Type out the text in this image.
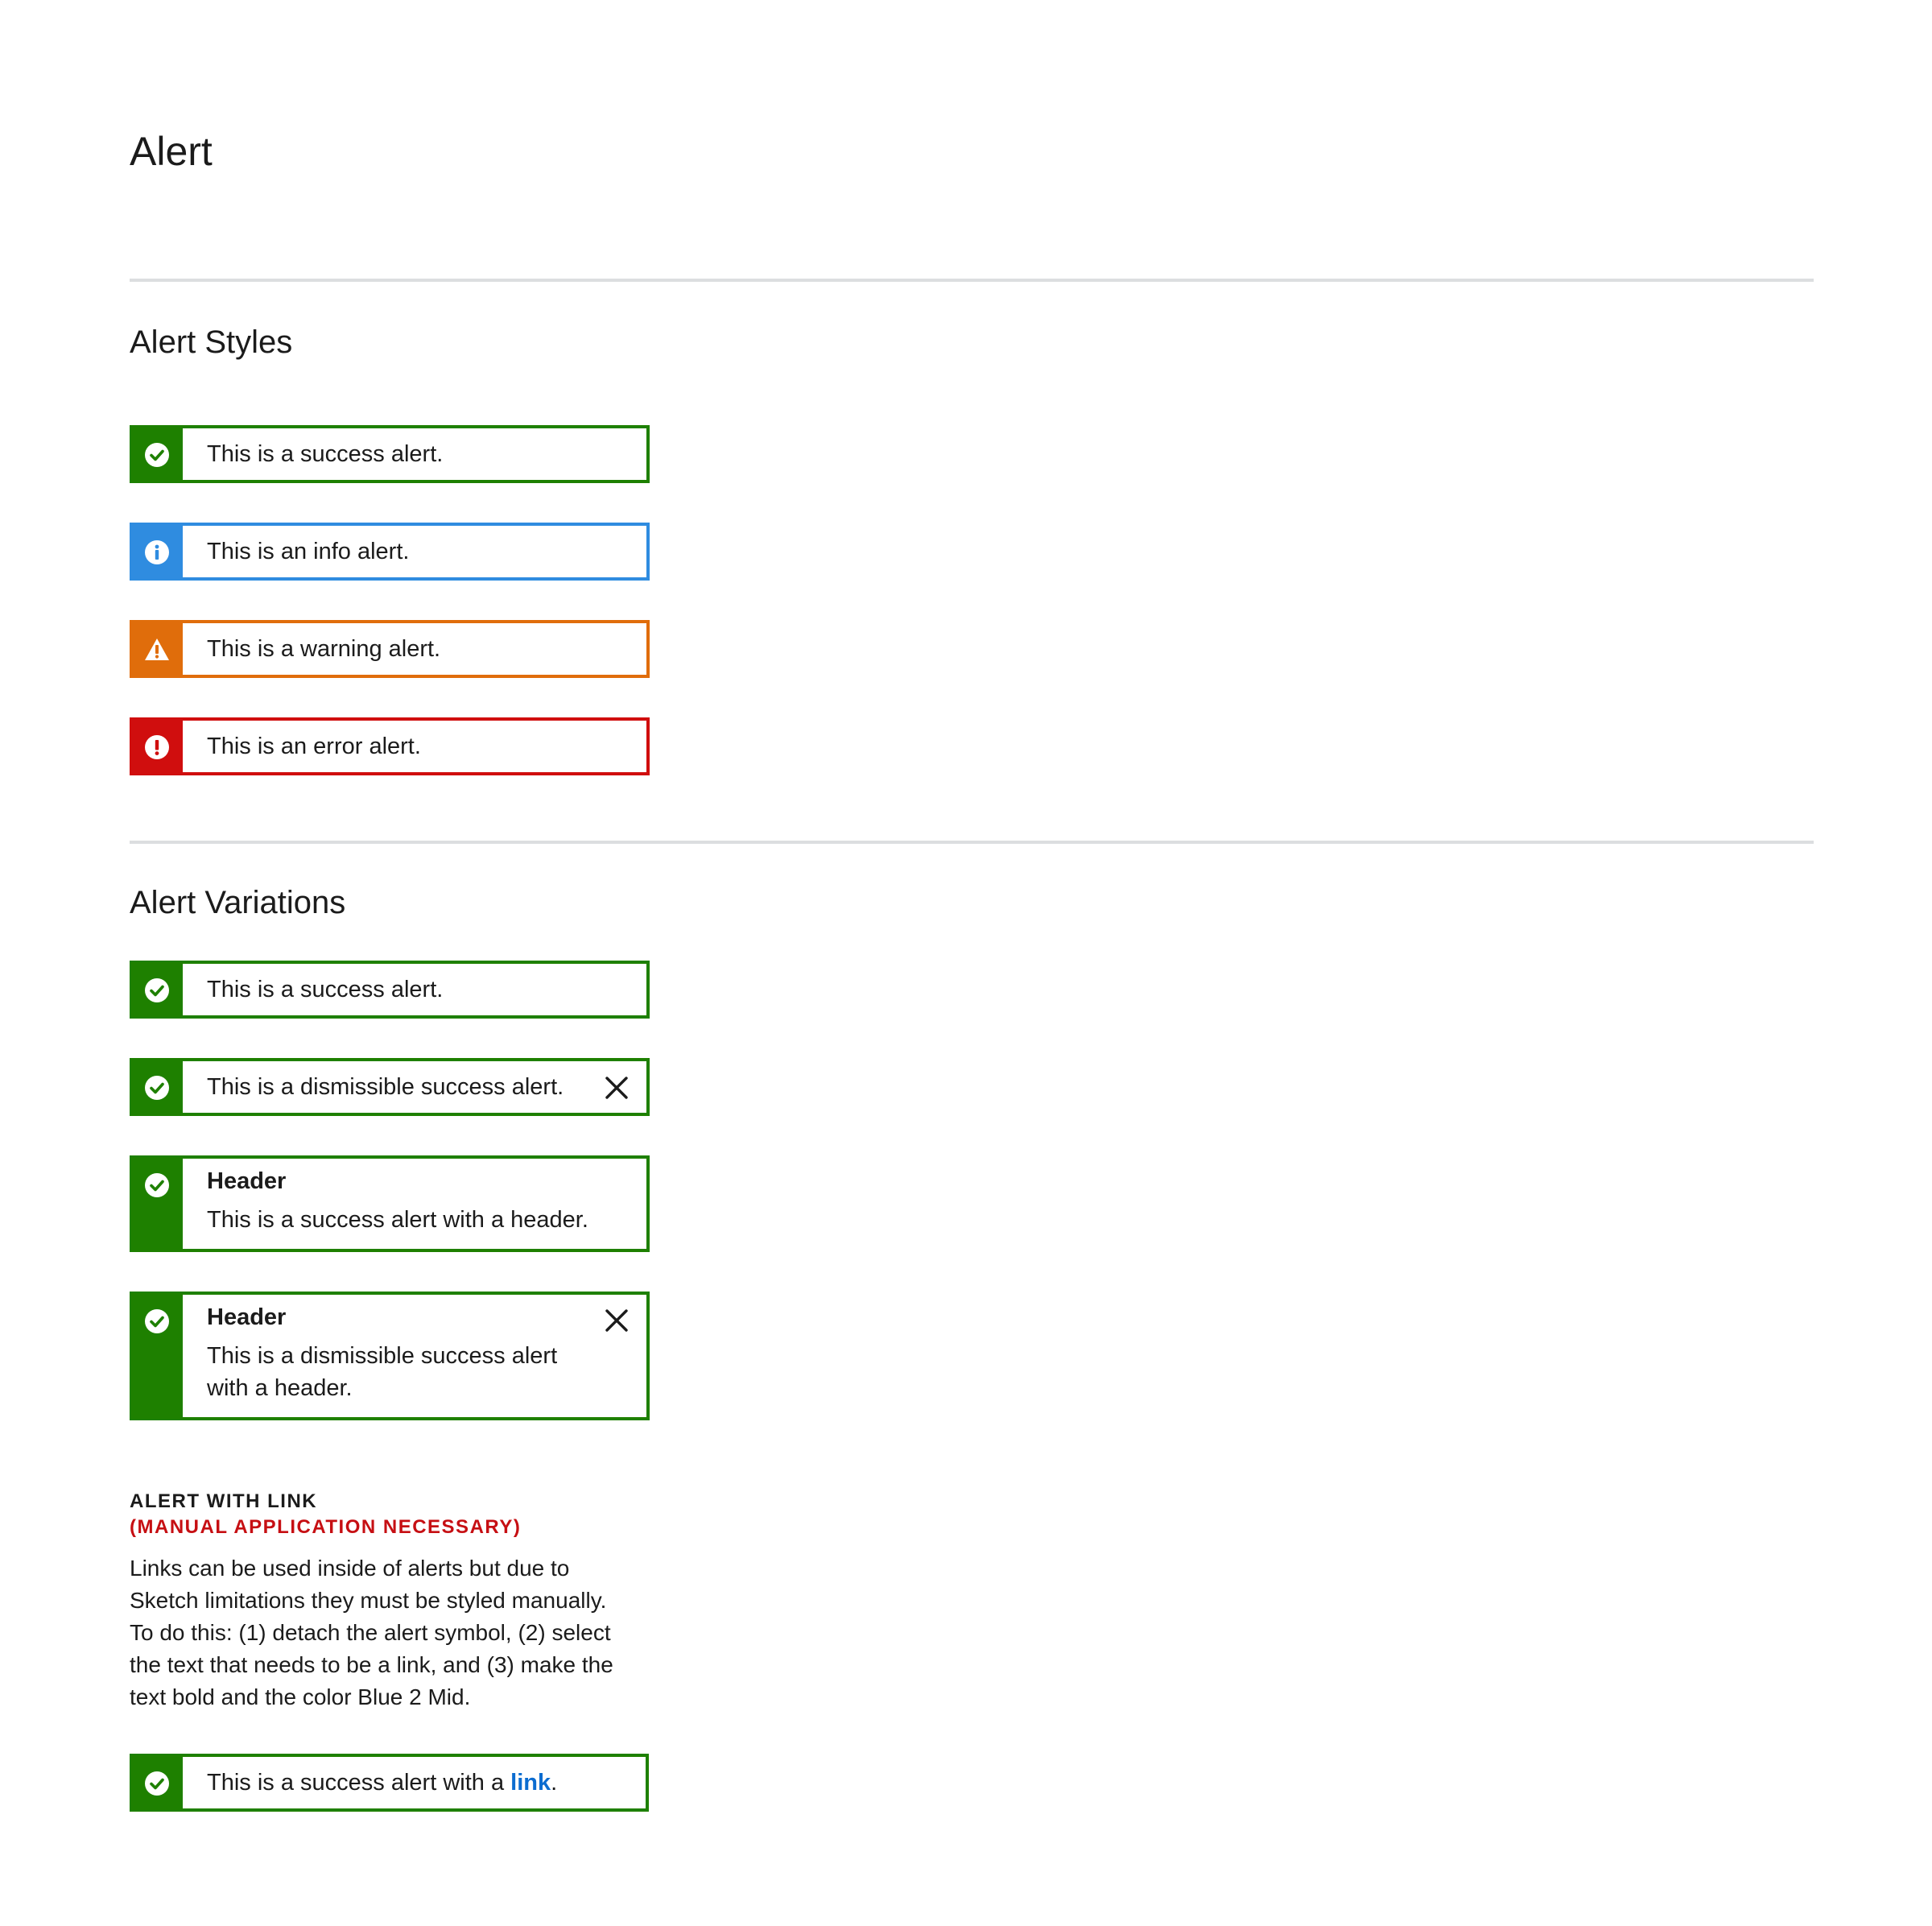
Alert
Alert Styles
This is a success alert.
This is an info alert.
This is a warning alert.
This is an error alert.
Alert Variations
This is a success alert.
This is a dismissible success alert.
Header
This is a success alert with a header.
Header
This is a dismissible success alert
with a header.

ALERT WITH LINK

(MANUAL APPLICATION NECESSARY)

Links can be used inside of alerts but due to
Sketch limitations they must be styled manually.
To do this: (1) detach the alert symbol, (2) select
the text that needs to be a link, and (3) make the
text bold and the color Blue 2 Mid.
This is a success alert with a link.
